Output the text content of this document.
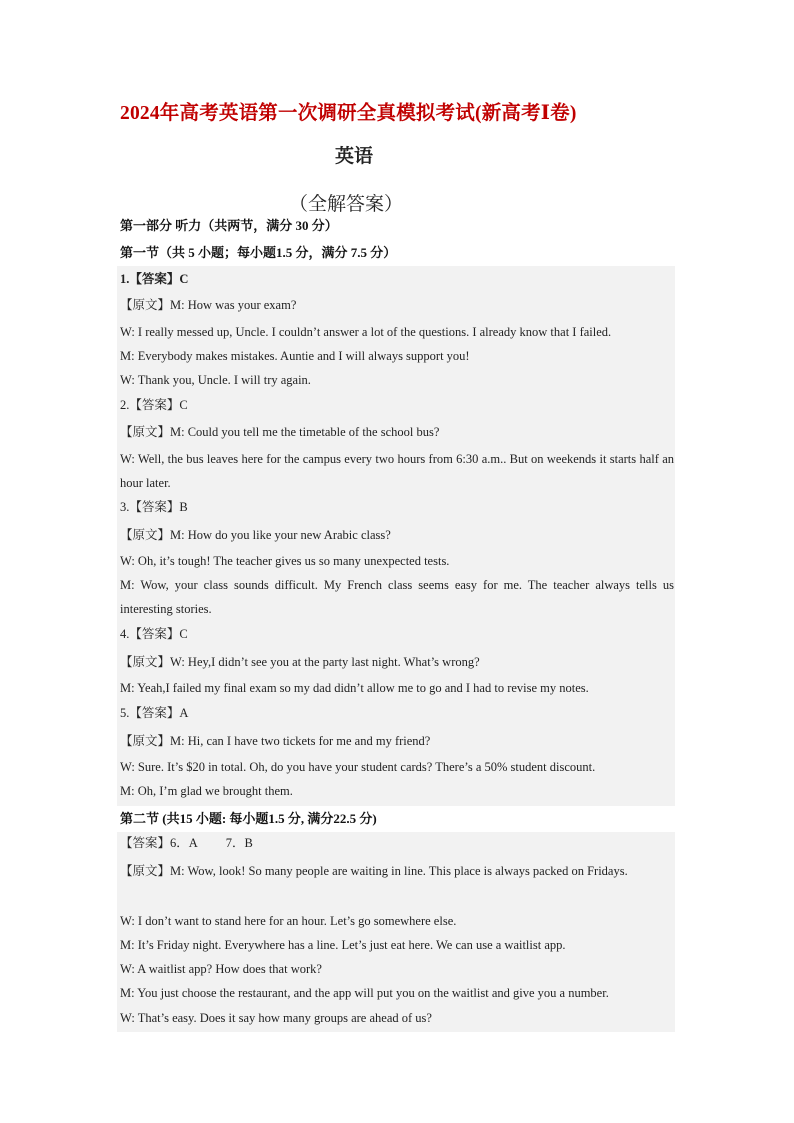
2024年高考英语第一次调研全真模拟考试(新高考Ⅰ卷)
英语
（全解答案）
第一部分 听力（共两节，满分 30 分）
第一节（共 5 小题；每小题1.5 分，满分 7.5 分）
1.【答案】C
【原文】M: How was your exam?
W: I really messed up, Uncle. I couldn’t answer a lot of the questions. I already know that I failed.
M: Everybody makes mistakes. Auntie and I will always support you!
W: Thank you, Uncle. I will try again.
2.【答案】C
【原文】M: Could you tell me the timetable of the school bus?
W: Well, the bus leaves here for the campus every two hours from 6:30 a.m.. But on weekends it starts half an hour later.
3.【答案】B
【原文】M: How do you like your new Arabic class?
W: Oh, it’s tough! The teacher gives us so many unexpected tests.
M: Wow, your class sounds difficult. My French class seems easy for me. The teacher always tells us interesting stories.
4.【答案】C
【原文】W: Hey,I didn’t see you at the party last night. What’s wrong?
M: Yeah,I failed my final exam so my dad didn’t allow me to go and I had to revise my notes.
5.【答案】A
【原文】M: Hi, can I have two tickets for me and my friend?
W: Sure. It’s $20 in total. Oh, do you have your student cards? There’s a 50% student discount.
M: Oh, I’m glad we brought them.
第二节 (共15 小题: 每小题1.5 分, 满分22.5 分)
【答案】6．A 7．B
【原文】M: Wow, look! So many people are waiting in line. This place is always packed on Fridays.
W: I don’t want to stand here for an hour. Let’s go somewhere else.
M: It’s Friday night. Everywhere has a line. Let’s just eat here. We can use a waitlist app.
W: A waitlist app? How does that work?
M: You just choose the restaurant, and the app will put you on the waitlist and give you a number.
W: That’s easy. Does it say how many groups are ahead of us?
